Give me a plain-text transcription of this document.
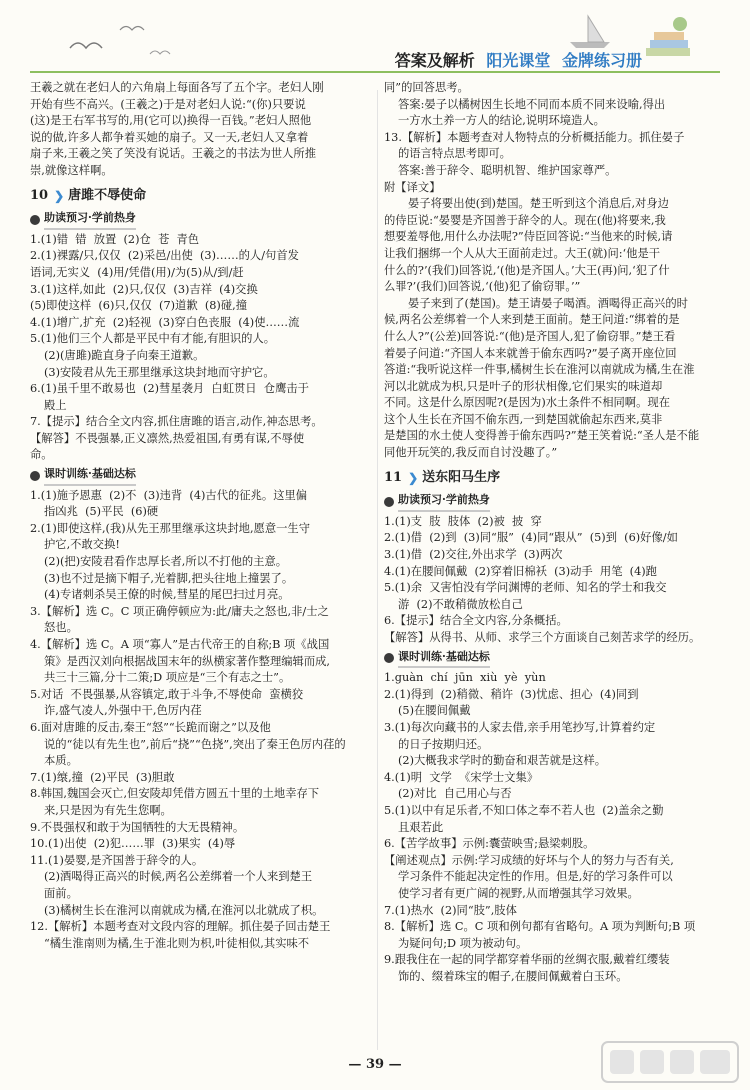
答案及解析 阳光课堂 金牌练习册
王羲之就在老妇人的六角扇上每面各写了五个字。老妇人刚
开始有些不高兴。(王羲之)于是对老妇人说:“(你)只要说
(这)是王右军书写的,用(它可以)换得一百钱。”老妇人照他
说的做,许多人都争着买她的扇子。又一天,老妇人又拿着
扇子来,王羲之笑了笑没有说话。王羲之的书法为世人所推
崇,就像这样啊。
10 ❯ 唐雎不辱使命
助读预习·学前热身
1.(1)错  错  放置  (2)仓  苍  青色
2.(1)裸露/只,仅仅  (2)采邑/出使  (3)……的人/句首发
语词,无实义  (4)用/凭借(用)/为(5)从/到/赶
3.(1)这样,如此  (2)只,仅仅  (3)吉祥  (4)交换
(5)即使这样  (6)只,仅仅  (7)道歉  (8)碰,撞
4.(1)增广,扩充  (2)轻视  (3)穿白色丧服  (4)使……流
5.(1)他们三个人都是平民中有才能,有胆识的人。
(2)(唐雎)跪直身子向秦王道歉。
(3)安陵君从先王那里继承这块封地而守护它。
6.(1)虽千里不敢易也  (2)彗星袭月  白虹贯日  仓鹰击于
殿上
7.【提示】结合全文内容,抓住唐雎的语言,动作,神态思考。
【解答】不畏强暴,正义凛然,热爱祖国,有勇有谋,不辱使
命。
课时训练·基础达标
1.(1)施予恩惠  (2)不  (3)违背  (4)古代的征兆。这里偏
指凶兆  (5)平民  (6)硬
2.(1)即使这样,(我)从先王那里继承这块封地,愿意一生守
护它,不敢交换!
(2)(把)安陵君看作忠厚长者,所以不打他的主意。
(3)也不过是摘下帽子,光着脚,把头往地上撞罢了。
(4)专诸刺杀吴王僚的时候,彗星的尾巴扫过月亮。
3.【解析】选 C。C 项正确停顿应为:此/庸夫之怒也,非/士之
怒也。
4.【解析】选 C。A 项“寡人”是古代帝王的自称;B 项《战国
策》是西汉刘向根据战国末年的纵横家著作整理编辑而成,
共三十三篇,分十二策;D 项应是“三个有志之士”。
5.对话  不畏强暴,从容镇定,敢于斗争,不辱使命  蛮横狡
诈,盛气凌人,外强中干,色厉内荏
6.面对唐雎的反击,秦王“怒”“长跪而谢之”以及他
说的“徒以有先生也”,前后“挠”“色挠”,突出了秦王色厉内荏的
本质。
7.(1)缞,撞  (2)平民  (3)胆敢
8.韩国,魏国会灭亡,但安陵却凭借方圆五十里的土地幸存下
来,只是因为有先生您啊。
9.不畏强权和敢于为国牺牲的大无畏精神。
10.(1)出使  (2)犯……罪  (3)果实  (4)辱
11.(1)晏婴,是齐国善于辞令的人。
(2)酒喝得正高兴的时候,两名公差绑着一个人来到楚王
面前。
(3)橘树生长在淮河以南就成为橘,在淮河以北就成了枳。
12.【解析】本题考查对文段内容的理解。抓住晏子回击楚王
“橘生淮南则为橘,生于淮北则为枳,叶徒相似,其实味不
同”的回答思考。
答案:晏子以橘树因生长地不同而本质不同来设喻,得出
一方水土养一方人的结论,说明环境造人。
13.【解析】本题考查对人物特点的分析概括能力。抓住晏子
的语言特点思考即可。
答案:善于辞令、聪明机智、维护国家尊严。
附【译文】
晏子将要出使(到)楚国。楚王听到这个消息后,对身边
的侍臣说:“晏婴是齐国善于辞令的人。现在(他)将要来,我
想要羞辱他,用什么办法呢?”侍臣回答说:“当他来的时候,请
让我们捆绑一个人从大王面前走过。大王(就)问:‘他是干
什么的?’(我们)回答说,‘(他)是齐国人。’大王(再)问,‘犯了什
么罪?’(我们)回答说,‘(他)犯了偷窃罪。’”
晏子来到了(楚国)。楚王请晏子喝酒。酒喝得正高兴的时
候,两名公差绑着一个人来到楚王面前。楚王问道:“绑着的是
什么人?”(公差)回答说:“(他)是齐国人,犯了偷窃罪。”楚王看
着晏子问道:“齐国人本来就善于偷东西吗?”晏子离开座位回
答道:“我听说这样一件事,橘树生长在淮河以南就成为橘,生在淮
河以北就成为枳,只是叶子的形状相像,它们果实的味道却
不同。这是什么原因呢?(是因为)水土条件不相同啊。现在
这个人生长在齐国不偷东西,一到楚国就偷起东西来,莫非
是楚国的水土使人变得善于偷东西吗?”楚王笑着说:“圣人是不能
同他开玩笑的,我反而自讨没趣了。”
11 ❯ 送东阳马生序
助读预习·学前热身
1.(1)支  肢  肢体  (2)被  披  穿
2.(1)借  (2)到  (3)同“服”  (4)同“跟从”  (5)到  (6)好像/如
3.(1)借  (2)交往,外出求学  (3)两次
4.(1)在腰间佩戴  (2)穿着旧棉袄  (3)动手  用笔  (4)跑
5.(1)余  又害怕没有学问渊博的老师、知名的学士和我交
游  (2)不敢稍微放松自己
6.【提示】结合全文内容,分条概括。
【解答】从得书、从师、求学三个方面谈自己刻苦求学的经历。
课时训练·基础达标
1.guàn  chí  jūn  xiù  yè  yùn
2.(1)得到  (2)稍微、稍许  (3)忧虑、担心  (4)同到
(5)在腰间佩戴
3.(1)每次向藏书的人家去借,亲手用笔抄写,计算着约定
的日子按期归还。
(2)大概我求学时的勤奋和艰苦就是这样。
4.(1)明  文学  《宋学士文集》
(2)对比  自己用心与否
5.(1)以中有足乐者,不知口体之奉不若人也  (2)盖余之勤
且艰若此
6.【苦学故事】示例:囊萤映雪;悬梁刺股。
【阐述观点】示例:学习成绩的好坏与个人的努力与否有关,
学习条件不能起决定性的作用。但是,好的学习条件可以
使学习者有更广阔的视野,从而增强其学习效果。
7.(1)热水  (2)同“肢”,肢体
8.【解析】选 C。C 项和例句都有省略句。A 项为判断句;B 项
为疑问句;D 项为被动句。
9.跟我住在一起的同学都穿着华丽的丝绸衣服,戴着红缨装
饰的、缀着珠宝的帽子,在腰间佩戴着白玉环。
— 39 —
